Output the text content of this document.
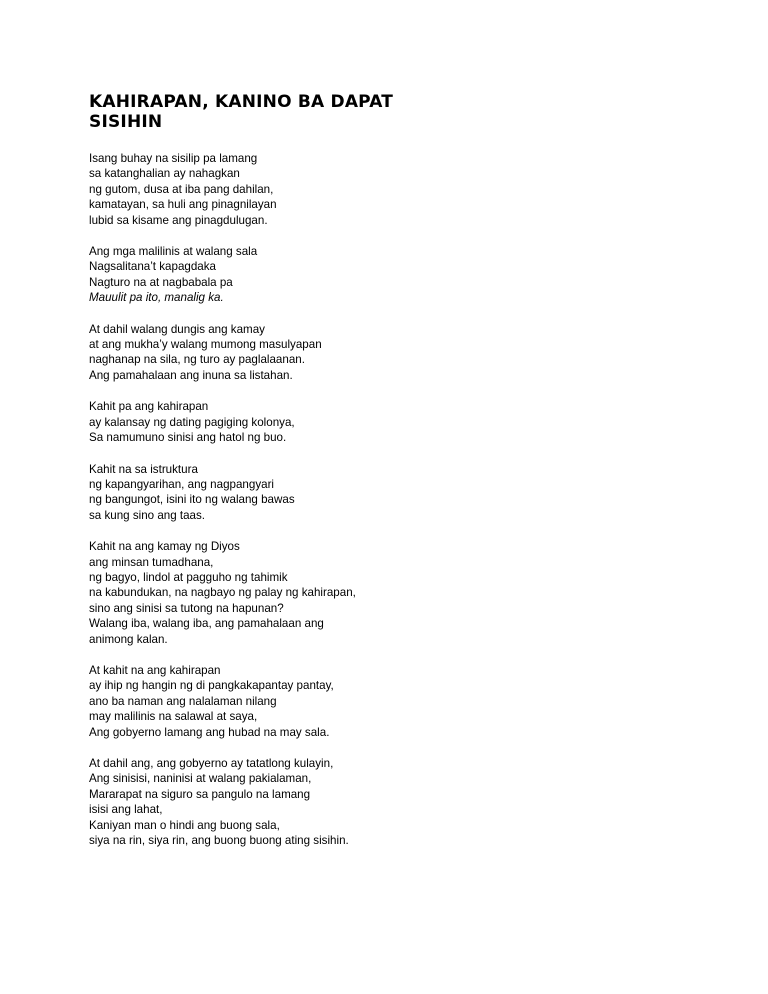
KAHIRAPAN, KANINO BA DAPAT SISIHIN
Isang buhay na sisilip pa lamang
sa katanghalian ay nahagkan
ng gutom, dusa at iba pang dahilan,
kamatayan, sa huli ang pinagnilayan
lubid sa kisame ang pinagdulugan.
Ang mga malilinis at walang sala
Nagsalitana’t kapagdaka
Nagturo na at nagbabala pa
Mauulit pa ito, manalig ka.
At dahil walang dungis ang kamay
at ang mukha’y walang mumong masulyapan
naghanap na sila, ng turo ay paglalaanan.
Ang pamahalaan ang inuna sa listahan.
Kahit pa ang kahirapan
ay kalansay ng dating pagiging kolonya,
Sa namumuno sinisi ang hatol ng buo.
Kahit na sa istruktura
ng kapangyarihan, ang nagpangyari
ng bangungot, isini ito ng walang bawas
sa kung sino ang taas.
Kahit na ang kamay ng Diyos
ang minsan tumadhana,
ng bagyo, lindol at pagguho ng tahimik
na kabundukan, na nagbayo ng palay ng kahirapan,
sino ang sinisi sa tutong na hapunan?
Walang iba, walang iba, ang pamahalaan ang
animong kalan.
At kahit na ang kahirapan
ay ihip ng hangin ng di pangkakapantay pantay,
ano ba naman ang nalalaman nilang
may malilinis na salawal at saya,
Ang gobyerno lamang ang hubad na may sala.
At dahil ang, ang gobyerno ay tatatlong kulayin,
Ang sinisisi, naninisi at walang pakialaman,
Mararapat na siguro sa pangulo na lamang
isisi ang lahat,
Kaniyan man o hindi ang buong sala,
siya na rin, siya rin, ang buong buong ating sisihin.
